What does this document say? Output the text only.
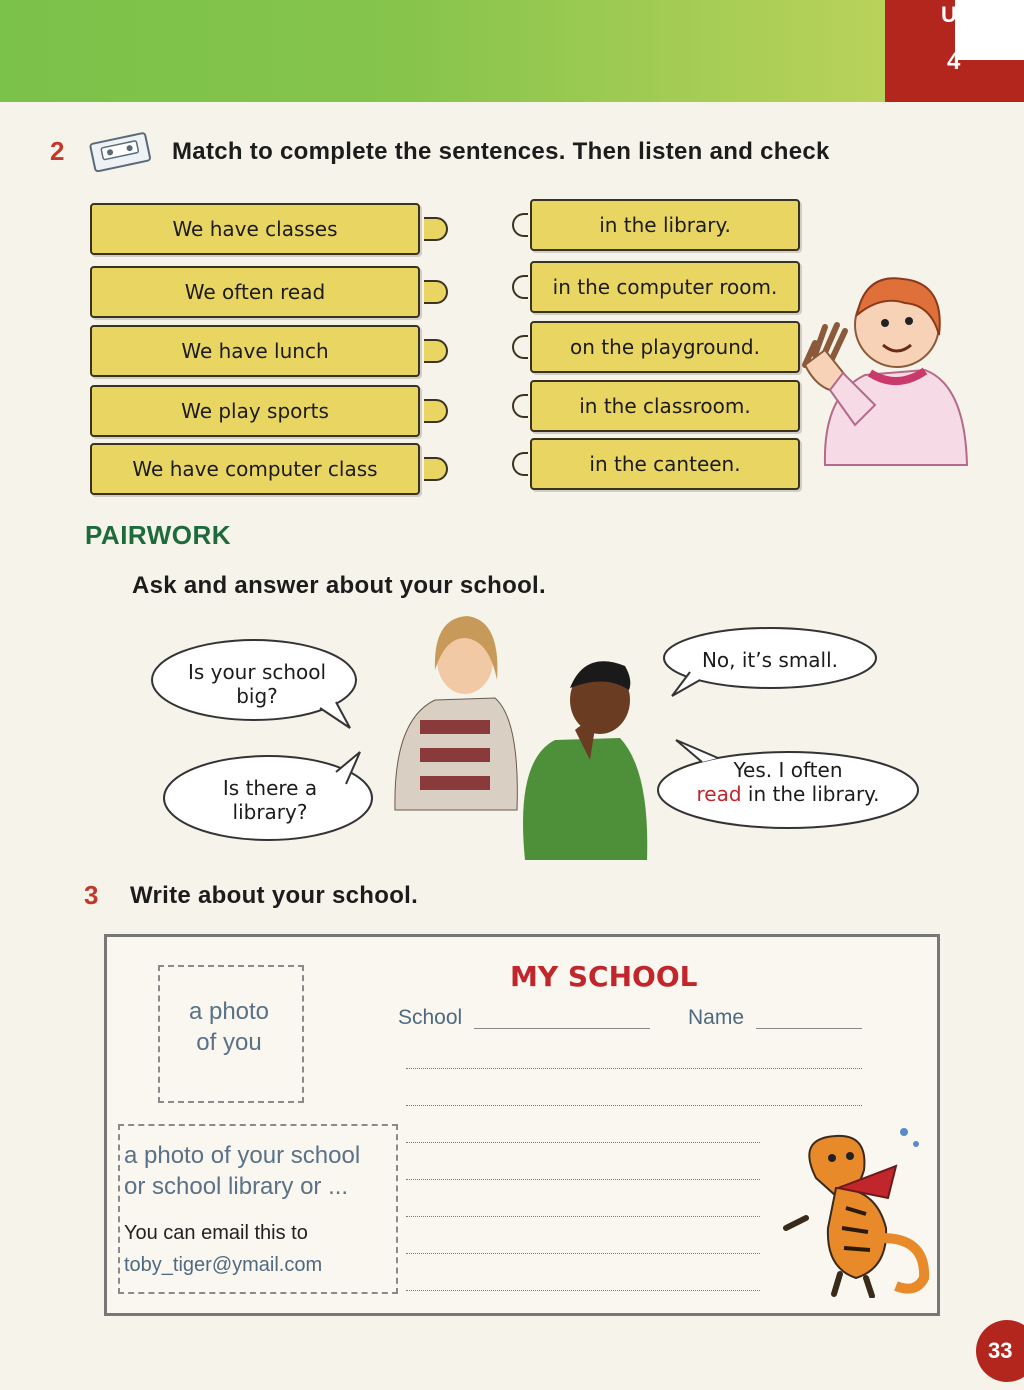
U
4
2	Match to complete the sentences. Then listen and check
We have classes
We often read
We have lunch
We play sports
We have computer class
in the library.
in the computer room.
on the playground.
in the classroom.
in the canteen.
PAIRWORK
Ask and answer about your school.
Is your school big?
Is there a library?
No, it’s small.
Yes. I often
read in the library.
3 Write about your school.
a photo
of you
MY SCHOOL
School	Name
a photo of your school
or school library or ...
You can email this to
toby_tiger@ymail.com
33
